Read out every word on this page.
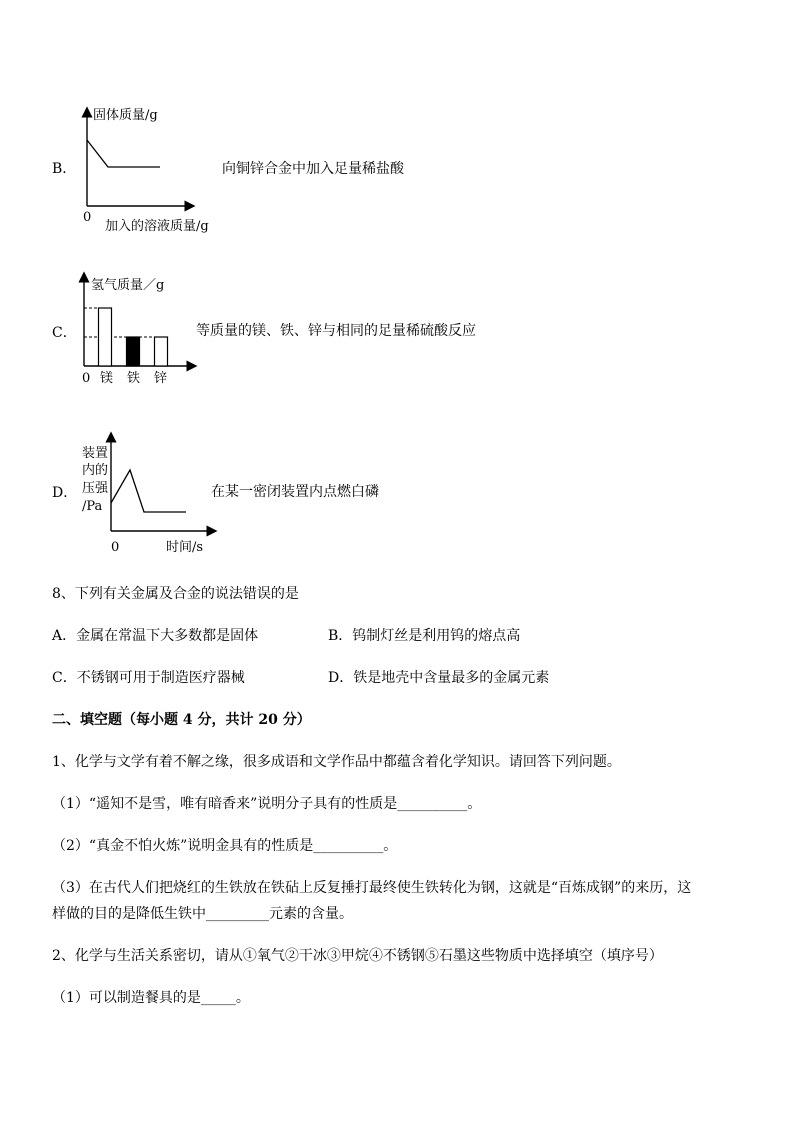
B．
固体质量/g
0
加入的溶液质量/g
向铜锌合金中加入足量稀盐酸
C．
氢气质量／g
0 镁 铁 锌
等质量的镁、铁、锌与相同的足量稀硫酸反应
D．
装置
内的
压强
/Pa
0	时间/s
在某一密闭装置内点燃白磷
8、下列有关金属及合金的说法错误的是
A．金属在常温下大多数都是固体	B．钨制灯丝是利用钨的熔点高
C．不锈钢可用于制造医疗器械	D．铁是地壳中含量最多的金属元素
二、填空题（每小题 4 分，共计 20 分）
1、化学与文学有着不解之缘，很多成语和文学作品中都蕴含着化学知识。请回答下列问题。
（1）“遥知不是雪，唯有暗香来”说明分子具有的性质是__________。
（2）“真金不怕火炼”说明金具有的性质是__________。
（3）在古代人们把烧红的生铁放在铁砧上反复捶打最终使生铁转化为钢，这就是“百炼成钢”的来历，这
样做的目的是降低生铁中_________元素的含量。
2、化学与生活关系密切，请从①氧气②干冰③甲烷④不锈钢⑤石墨这些物质中选择填空（填序号）
（1）可以制造餐具的是_____。
